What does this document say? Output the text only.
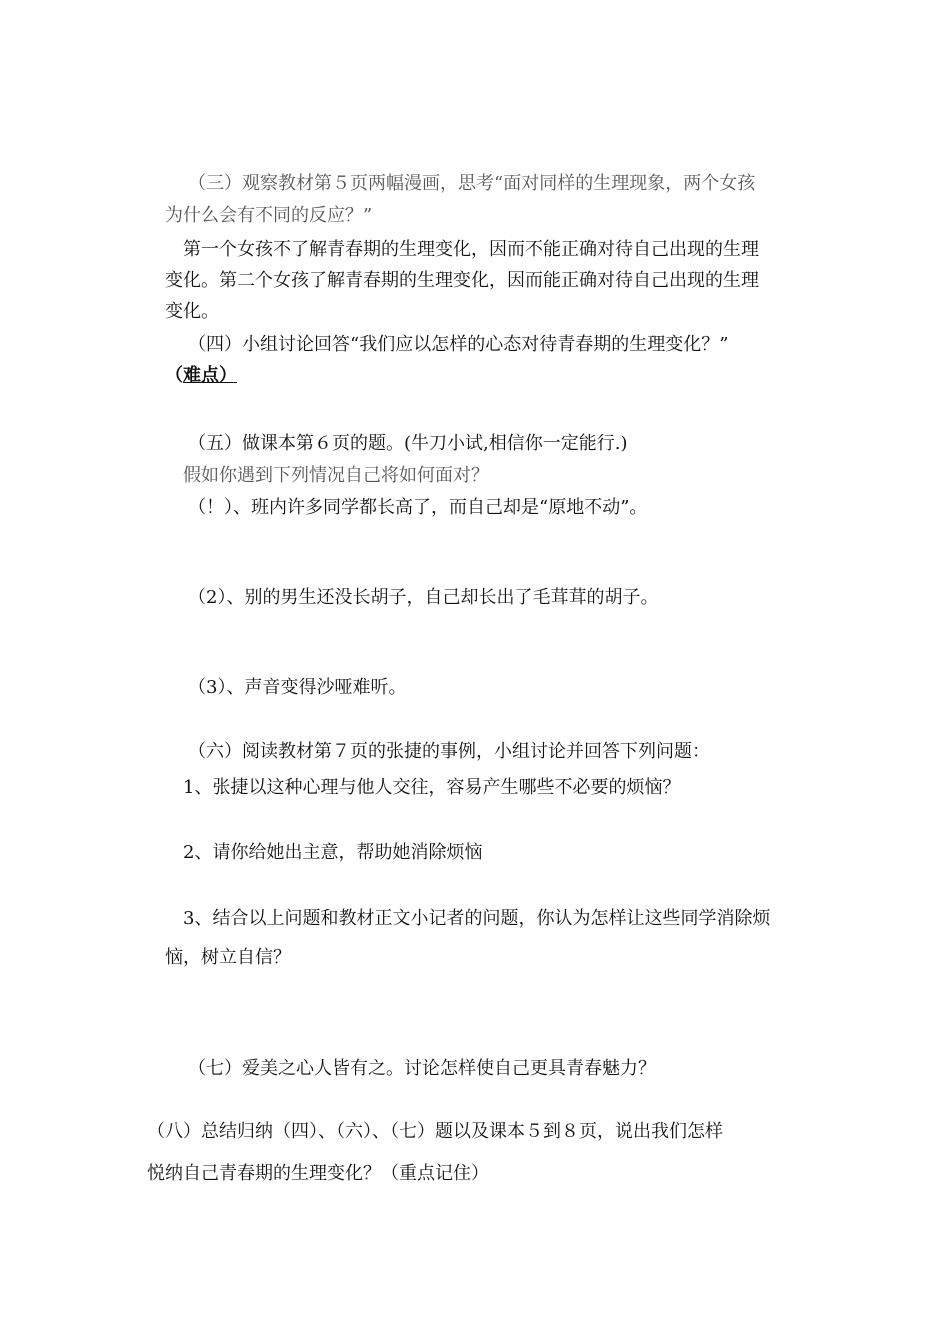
（三）观察教材第５页两幅漫画，思考“面对同样的生理现象，两个女孩
为什么会有不同的反应？”
第一个女孩不了解青春期的生理变化，因而不能正确对待自己出现的生理
变化。第二个女孩了解青春期的生理变化，因而能正确对待自己出现的生理
变化。
（四）小组讨论回答“我们应以怎样的心态对待青春期的生理变化？”
（难点）
（五）做课本第６页的题。(牛刀小试,相信你一定能行.)
假如你遇到下列情况自己将如何面对？
（！）、班内许多同学都长高了，而自己却是“原地不动”。
（2）、别的男生还没长胡子，自己却长出了毛茸茸的胡子。
（3）、声音变得沙哑难听。
（六）阅读教材第７页的张捷的事例，小组讨论并回答下列问题：
1、张捷以这种心理与他人交往，容易产生哪些不必要的烦恼？
2、请你给她出主意，帮助她消除烦恼
3、结合以上问题和教材正文小记者的问题，你认为怎样让这些同学消除烦
恼，树立自信？
（七）爱美之心人皆有之。讨论怎样使自己更具青春魅力？
（八）总结归纳（四）、（六）、（七）题以及课本５到８页，说出我们怎样
悦纳自己青春期的生理变化？（重点记住）
